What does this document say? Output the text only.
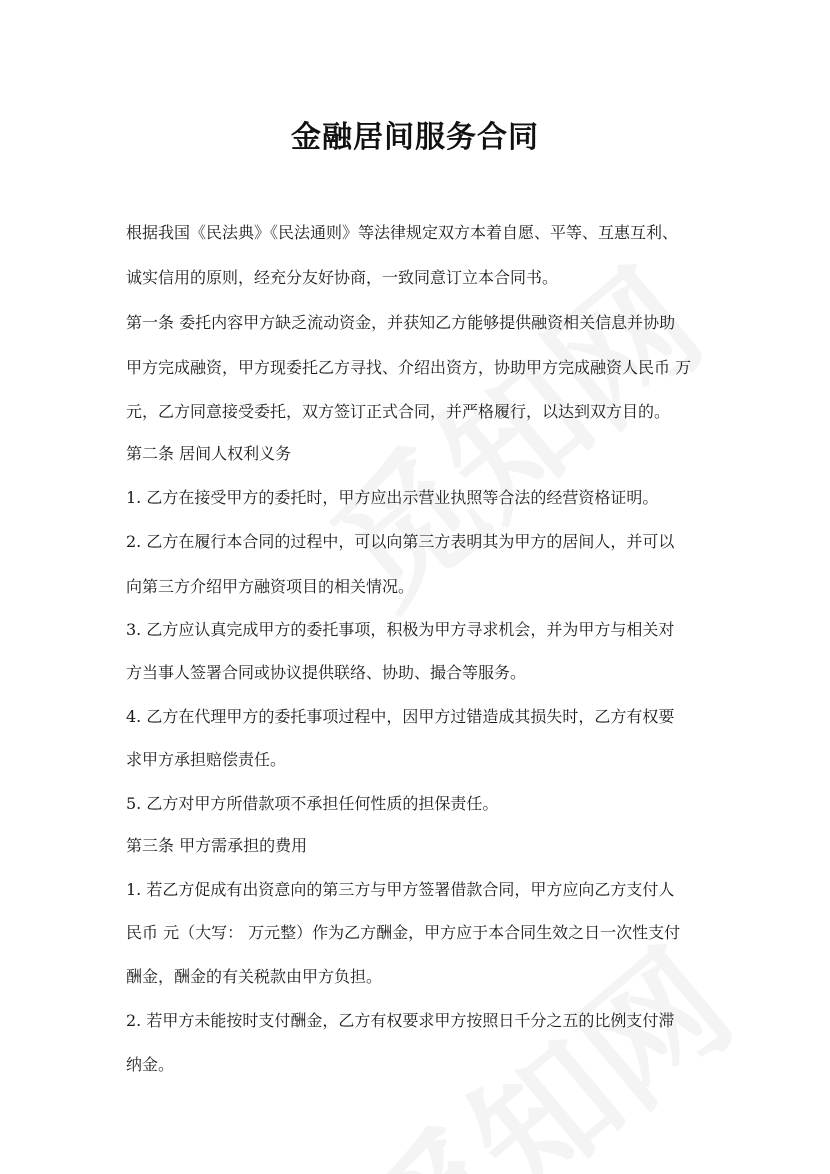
金融居间服务合同
根据我国《民法典》《民法通则》等法律规定双方本着自愿、平等、互惠互利、
诚实信用的原则，经充分友好协商，一致同意订立本合同书。
第一条 委托内容甲方缺乏流动资金，并获知乙方能够提供融资相关信息并协助
甲方完成融资，甲方现委托乙方寻找、介绍出资方，协助甲方完成融资人民币 万
元，乙方同意接受委托，双方签订正式合同，并严格履行，以达到双方目的。
第二条 居间人权利义务
1. 乙方在接受甲方的委托时，甲方应出示营业执照等合法的经营资格证明。
2. 乙方在履行本合同的过程中，可以向第三方表明其为甲方的居间人，并可以
向第三方介绍甲方融资项目的相关情况。
3. 乙方应认真完成甲方的委托事项，积极为甲方寻求机会，并为甲方与相关对
方当事人签署合同或协议提供联络、协助、撮合等服务。
4. 乙方在代理甲方的委托事项过程中，因甲方过错造成其损失时，乙方有权要
求甲方承担赔偿责任。
5. 乙方对甲方所借款项不承担任何性质的担保责任。
第三条 甲方需承担的费用
1. 若乙方促成有出资意向的第三方与甲方签署借款合同，甲方应向乙方支付人
民币 元（大写： 万元整）作为乙方酬金，甲方应于本合同生效之日一次性支付
酬金，酬金的有关税款由甲方负担。
2. 若甲方未能按时支付酬金，乙方有权要求甲方按照日千分之五的比例支付滞
纳金。
